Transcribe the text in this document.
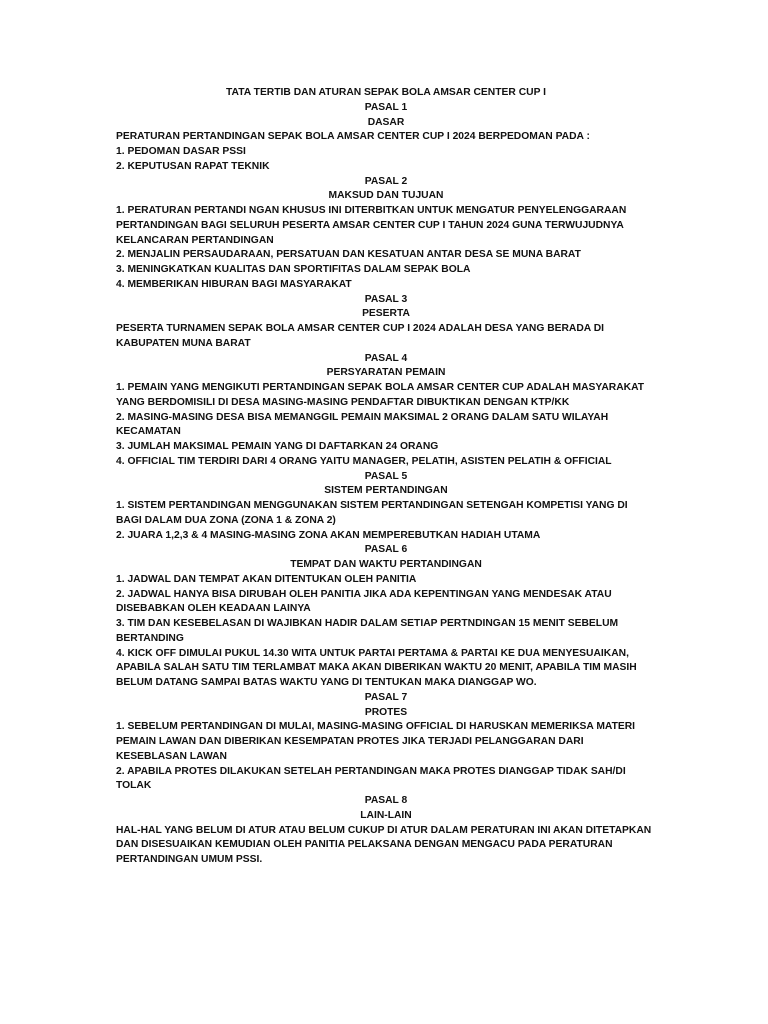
TATA TERTIB DAN ATURAN SEPAK BOLA AMSAR CENTER CUP I
PASAL 1
DASAR
PERATURAN PERTANDINGAN SEPAK BOLA AMSAR CENTER CUP I 2024 BERPEDOMAN PADA :
1. PEDOMAN DASAR PSSI
2. KEPUTUSAN RAPAT TEKNIK
PASAL 2
MAKSUD DAN TUJUAN
1. PERATURAN PERTANDI NGAN KHUSUS INI DITERBITKAN UNTUK MENGATUR PENYELENGGARAAN PERTANDINGAN BAGI SELURUH PESERTA AMSAR CENTER CUP I TAHUN 2024 GUNA TERWUJUDNYA KELANCARAN PERTANDINGAN
2. MENJALIN PERSAUDARAAN, PERSATUAN DAN KESATUAN ANTAR DESA SE MUNA BARAT
3. MENINGKATKAN KUALITAS DAN SPORTIFITAS DALAM SEPAK BOLA
4. MEMBERIKAN HIBURAN BAGI MASYARAKAT
PASAL 3
PESERTA
PESERTA TURNAMEN SEPAK BOLA AMSAR CENTER CUP I 2024 ADALAH DESA YANG BERADA DI KABUPATEN MUNA BARAT
PASAL 4
PERSYARATAN PEMAIN
1. PEMAIN YANG MENGIKUTI PERTANDINGAN SEPAK BOLA AMSAR CENTER CUP ADALAH MASYARAKAT YANG BERDOMISILI DI DESA MASING-MASING PENDAFTAR DIBUKTIKAN DENGAN KTP/KK
2. MASING-MASING DESA BISA MEMANGGIL PEMAIN MAKSIMAL 2 ORANG DALAM SATU WILAYAH KECAMATAN
3. JUMLAH MAKSIMAL PEMAIN YANG DI DAFTARKAN 24 ORANG
4. OFFICIAL TIM TERDIRI DARI 4 ORANG YAITU MANAGER, PELATIH, ASISTEN PELATIH & OFFICIAL
PASAL 5
SISTEM PERTANDINGAN
1. SISTEM PERTANDINGAN MENGGUNAKAN SISTEM PERTANDINGAN SETENGAH KOMPETISI YANG DI BAGI DALAM DUA ZONA (ZONA 1 & ZONA 2)
2. JUARA 1,2,3 & 4 MASING-MASING ZONA AKAN MEMPEREBUTKAN HADIAH UTAMA
PASAL 6
TEMPAT DAN WAKTU PERTANDINGAN
1. JADWAL DAN TEMPAT AKAN DITENTUKAN OLEH PANITIA
2. JADWAL HANYA BISA DIRUBAH OLEH PANITIA JIKA ADA KEPENTINGAN YANG MENDESAK ATAU DISEBABKAN OLEH KEADAAN LAINYA
3. TIM DAN KESEBELASAN DI WAJIBKAN HADIR DALAM SETIAP PERTNDINGAN 15 MENIT SEBELUM BERTANDING
4. KICK OFF DIMULAI PUKUL 14.30 WITA UNTUK PARTAI PERTAMA & PARTAI KE DUA MENYESUAIKAN, APABILA SALAH SATU TIM TERLAMBAT MAKA AKAN DIBERIKAN WAKTU 20 MENIT, APABILA TIM MASIH BELUM DATANG SAMPAI BATAS WAKTU YANG DI TENTUKAN MAKA DIANGGAP WO.
PASAL 7
PROTES
1. SEBELUM PERTANDINGAN DI MULAI, MASING-MASING OFFICIAL DI HARUSKAN MEMERIKSA MATERI PEMAIN LAWAN DAN DIBERIKAN KESEMPATAN PROTES JIKA TERJADI PELANGGARAN DARI KESEBLASAN LAWAN
2. APABILA PROTES DILAKUKAN SETELAH PERTANDINGAN MAKA PROTES DIANGGAP TIDAK SAH/DI TOLAK
PASAL 8
LAIN-LAIN
HAL-HAL YANG BELUM DI ATUR ATAU BELUM CUKUP DI ATUR DALAM PERATURAN INI AKAN DITETAPKAN DAN DISESUAIKAN KEMUDIAN OLEH PANITIA PELAKSANA DENGAN MENGACU PADA PERATURAN PERTANDINGAN UMUM PSSI.
